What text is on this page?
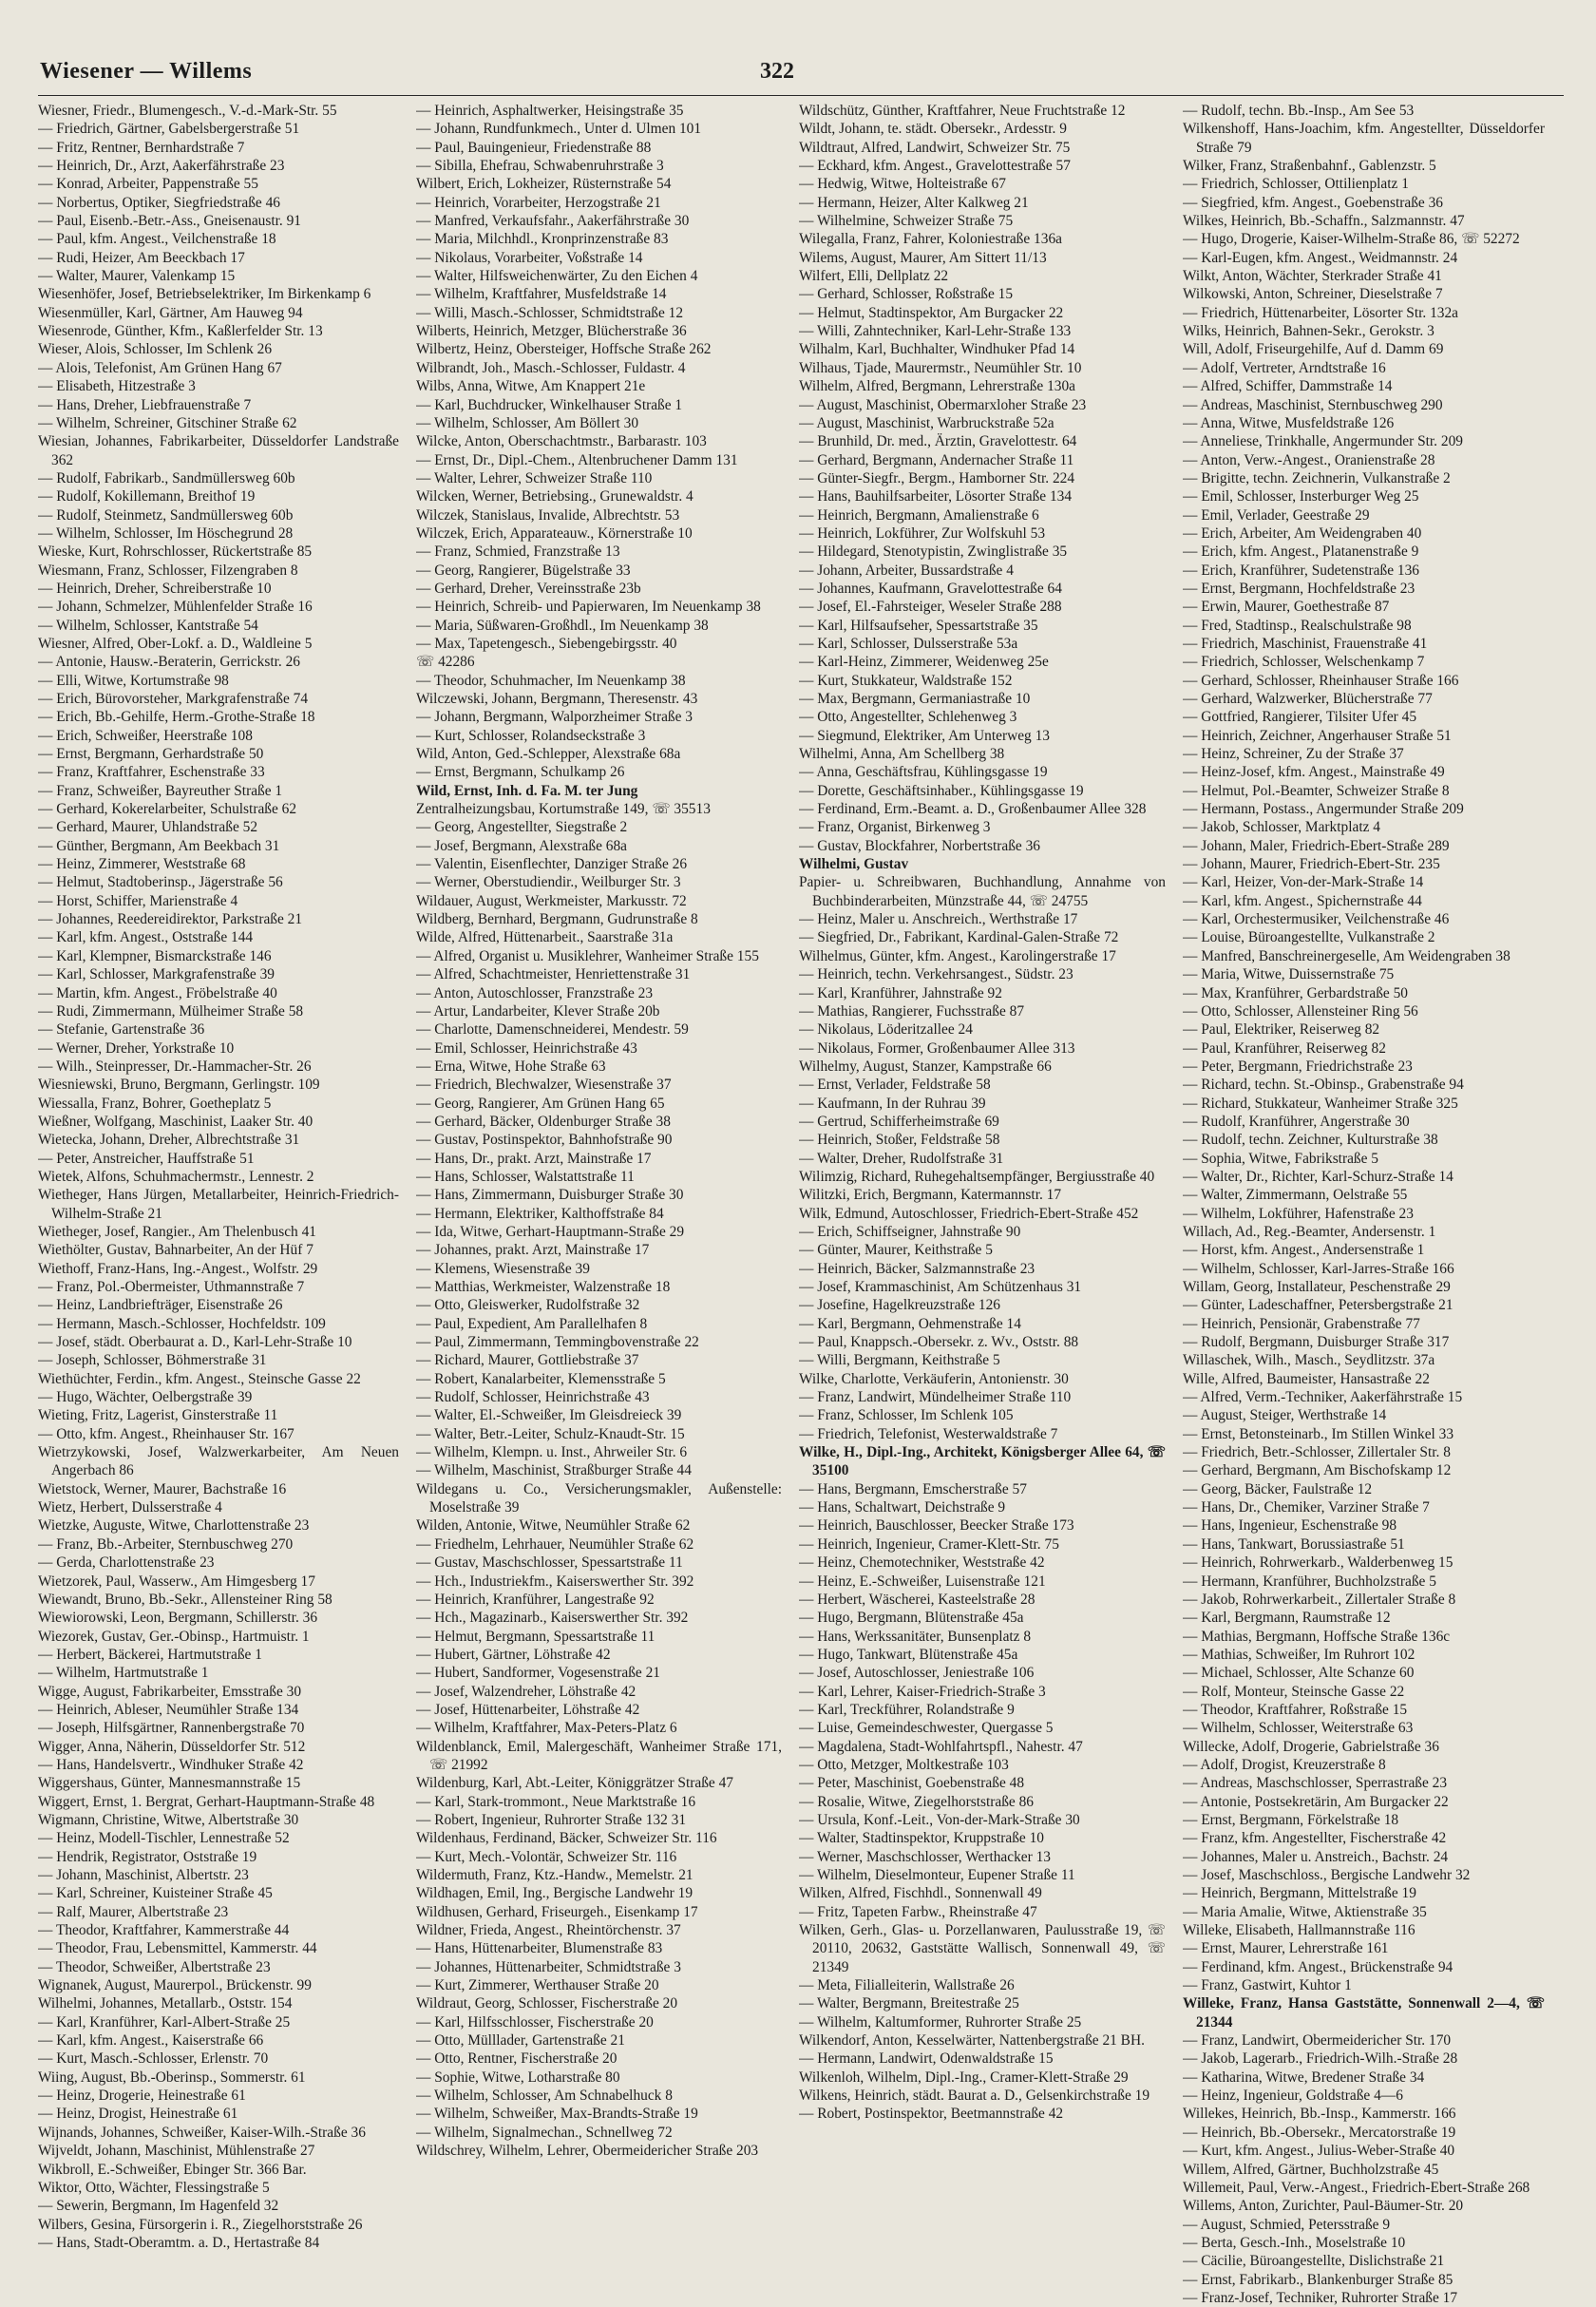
Wiesener — Willems	322

Wiesner, Friedr., Blumengesch., V.-d.-Mark-Str. 55

— Friedrich, Gärtner, Gabelsbergerstraße 51

— Fritz, Rentner, Bernhardstraße 7

— Heinrich, Dr., Arzt, Aakerfährstraße 23

— Konrad, Arbeiter, Pappenstraße 55

— Norbertus, Optiker, Siegfriedstraße 46

— Paul, Eisenb.-Betr.-Ass., Gneisenaustr. 91

— Paul, kfm. Angest., Veilchenstraße 18

— Rudi, Heizer, Am Beeckbach 17

— Walter, Maurer, Valenkamp 15

Wiesenhöfer, Josef, Betriebselektriker, Im Birkenkamp 6

Wiesenmüller, Karl, Gärtner, Am Hauweg 94

Wiesenrode, Günther, Kfm., Kaßlerfelder Str. 13

Wieser, Alois, Schlosser, Im Schlenk 26

— Alois, Telefonist, Am Grünen Hang 67

— Elisabeth, Hitzestraße 3

— Hans, Dreher, Liebfrauenstraße 7

— Wilhelm, Schreiner, Gitschiner Straße 62

Wiesian, Johannes, Fabrikarbeiter, Düsseldorfer Landstraße 362

— Rudolf, Fabrikarb., Sandmüllersweg 60b

— Rudolf, Kokillemann, Breithof 19

— Rudolf, Steinmetz, Sandmüllersweg 60b

— Wilhelm, Schlosser, Im Höschegrund 28

Wieske, Kurt, Rohrschlosser, Rückertstraße 85

Wiesmann, Franz, Schlosser, Filzengraben 8

— Heinrich, Dreher, Schreiberstraße 10

— Johann, Schmelzer, Mühlenfelder Straße 16

— Wilhelm, Schlosser, Kantstraße 54

Wiesner, Alfred, Ober-Lokf. a. D., Waldleine 5

— Antonie, Hausw.-Beraterin, Gerrickstr. 26

— Elli, Witwe, Kortumstraße 98

— Erich, Bürovorsteher, Markgrafenstraße 74

— Erich, Bb.-Gehilfe, Herm.-Grothe-Straße 18

— Erich, Schweißer, Heerstraße 108

— Ernst, Bergmann, Gerhardstraße 50

— Franz, Kraftfahrer, Eschenstraße 33

— Franz, Schweißer, Bayreuther Straße 1

— Gerhard, Kokerelarbeiter, Schulstraße 62

— Gerhard, Maurer, Uhlandstraße 52

— Günther, Bergmann, Am Beekbach 31

— Heinz, Zimmerer, Weststraße 68

— Helmut, Stadtoberinsp., Jägerstraße 56

— Horst, Schiffer, Marienstraße 4

— Johannes, Reedereidirektor, Parkstraße 21

— Karl, kfm. Angest., Oststraße 144

— Karl, Klempner, Bismarckstraße 146

— Karl, Schlosser, Markgrafenstraße 39

— Martin, kfm. Angest., Fröbelstraße 40

— Rudi, Zimmermann, Mülheimer Straße 58

— Stefanie, Gartenstraße 36

— Werner, Dreher, Yorkstraße 10

— Wilh., Steinpresser, Dr.-Hammacher-Str. 26

Wiesniewski, Bruno, Bergmann, Gerlingstr. 109

Wiessalla, Franz, Bohrer, Goetheplatz 5

Wießner, Wolfgang, Maschinist, Laaker Str. 40

Wietecka, Johann, Dreher, Albrechtstraße 31

— Peter, Anstreicher, Hauffstraße 51

Wietek, Alfons, Schuhmachermstr., Lennestr. 2

Wietheger, Hans Jürgen, Metallarbeiter, Heinrich-Friedrich-Wilhelm-Straße 21

Wietheger, Josef, Rangier., Am Thelenbusch 41

Wiethölter, Gustav, Bahnarbeiter, An der Hüf 7

Wiethoff, Franz-Hans, Ing.-Angest., Wolfstr. 29

— Franz, Pol.-Obermeister, Uthmannstraße 7

— Heinz, Landbriefträger, Eisenstraße 26

— Hermann, Masch.-Schlosser, Hochfeldstr. 109

— Josef, städt. Oberbaurat a. D., Karl-Lehr-Straße 10

— Joseph, Schlosser, Böhmerstraße 31

Wiethüchter, Ferdin., kfm. Angest., Steinsche Gasse 22

— Hugo, Wächter, Oelbergstraße 39

Wieting, Fritz, Lagerist, Ginsterstraße 11

— Otto, kfm. Angest., Rheinhauser Str. 167

Wietrzykowski, Josef, Walzwerkarbeiter, Am Neuen Angerbach 86

Wietstock, Werner, Maurer, Bachstraße 16

Wietz, Herbert, Dulsserstraße 4

Wietzke, Auguste, Witwe, Charlottenstraße 23

— Franz, Bb.-Arbeiter, Sternbuschweg 270

— Gerda, Charlottenstraße 23

Wietzorek, Paul, Wasserw., Am Himgesberg 17

Wiewandt, Bruno, Bb.-Sekr., Allensteiner Ring 58

Wiewiorowski, Leon, Bergmann, Schillerstr. 36

Wiezorek, Gustav, Ger.-Obinsp., Hartmuistr. 1

— Herbert, Bäckerei, Hartmutstraße 1

— Wilhelm, Hartmutstraße 1

Wigge, August, Fabrikarbeiter, Emsstraße 30

— Heinrich, Ableser, Neumühler Straße 134

— Joseph, Hilfsgärtner, Rannenbergstraße 70

Wigger, Anna, Näherin, Düsseldorfer Str. 512

— Hans, Handelsvertr., Windhuker Straße 42

Wiggershaus, Günter, Mannesmannstraße 15

Wiggert, Ernst, 1. Bergrat, Gerhart-Hauptmann-Straße 48

Wigmann, Christine, Witwe, Albertstraße 30

— Heinz, Modell-Tischler, Lennestraße 52

— Hendrik, Registrator, Oststraße 19

— Johann, Maschinist, Albertstr. 23

— Karl, Schreiner, Kuisteiner Straße 45

— Ralf, Maurer, Albertstraße 23

— Theodor, Kraftfahrer, Kammerstraße 44

— Theodor, Frau, Lebensmittel, Kammerstr. 44

— Theodor, Schweißer, Albertstraße 23

Wignanek, August, Maurerpol., Brückenstr. 99

Wilhelmi, Johannes, Metallarb., Oststr. 154

— Karl, Kranführer, Karl-Albert-Straße 25

— Karl, kfm. Angest., Kaiserstraße 66

— Kurt, Masch.-Schlosser, Erlenstr. 70

Wiing, August, Bb.-Oberinsp., Sommerstr. 61

— Heinz, Drogerie, Heinestraße 61

— Heinz, Drogist, Heinestraße 61

Wijnands, Johannes, Schweißer, Kaiser-Wilh.-Straße 36

Wijveldt, Johann, Maschinist, Mühlenstraße 27

Wikbroll, E.-Schweißer, Ebinger Str. 366 Bar.

Wiktor, Otto, Wächter, Flessingstraße 5

— Sewerin, Bergmann, Im Hagenfeld 32

Wilbers, Gesina, Fürsorgerin i. R., Ziegelhorststraße 26

— Hans, Stadt-Oberamtm. a. D., Hertastraße 84

— Heinrich, Asphaltwerker, Heisingstraße 35

— Johann, Rundfunkmech., Unter d. Ulmen 101

— Paul, Bauingenieur, Friedenstraße 88

— Sibilla, Ehefrau, Schwabenruhrstraße 3

Wilbert, Erich, Lokheizer, Rüsternstraße 54

— Heinrich, Vorarbeiter, Herzogstraße 21

— Manfred, Verkaufsfahr., Aakerfährstraße 30

— Maria, Milchhdl., Kronprinzenstraße 83

— Nikolaus, Vorarbeiter, Voßstraße 14

— Walter, Hilfsweichenwärter, Zu den Eichen 4

— Wilhelm, Kraftfahrer, Musfeldstraße 14

— Willi, Masch.-Schlosser, Schmidtstraße 12

Wilberts, Heinrich, Metzger, Blücherstraße 36

Wilbertz, Heinz, Obersteiger, Hoffsche Straße 262

Wilbrandt, Joh., Masch.-Schlosser, Fuldastr. 4

Wilbs, Anna, Witwe, Am Knappert 21e

— Karl, Buchdrucker, Winkelhauser Straße 1

— Wilhelm, Schlosser, Am Böllert 30

Wilcke, Anton, Oberschachtmstr., Barbarastr. 103

— Ernst, Dr., Dipl.-Chem., Altenbruchener Damm 131

— Walter, Lehrer, Schweizer Straße 110

Wilcken, Werner, Betriebsing., Grunewaldstr. 4

Wilczek, Stanislaus, Invalide, Albrechtstr. 53

Wilczek, Erich, Apparateauw., Körnerstraße 10

— Franz, Schmied, Franzstraße 13

— Georg, Rangierer, Bügelstraße 33

— Gerhard, Dreher, Vereinsstraße 23b

— Heinrich, Schreib- und Papierwaren, Im Neuenkamp 38

— Maria, Süßwaren-Großhdl., Im Neuenkamp 38

— Max, Tapetengesch., Siebengebirgsstr. 40

☏ 42286

— Theodor, Schuhmacher, Im Neuenkamp 38

Wilczewski, Johann, Bergmann, Theresenstr. 43

— Johann, Bergmann, Walporzheimer Straße 3

— Kurt, Schlosser, Rolandseckstraße 3

Wild, Anton, Ged.-Schlepper, Alexstraße 68a

— Ernst, Bergmann, Schulkamp 26

Wild, Ernst, Inh. d. Fa. M. ter Jung

Zentralheizungsbau, Kortumstraße 149, ☏ 35513

— Georg, Angestellter, Siegstraße 2

— Josef, Bergmann, Alexstraße 68a

— Valentin, Eisenflechter, Danziger Straße 26

— Werner, Oberstudiendir., Weilburger Str. 3

Wildauer, August, Werkmeister, Markusstr. 72

Wildberg, Bernhard, Bergmann, Gudrunstraße 8

Wilde, Alfred, Hüttenarbeit., Saarstraße 31a

— Alfred, Organist u. Musiklehrer, Wanheimer Straße 155

— Alfred, Schachtmeister, Henriettenstraße 31

— Anton, Autoschlosser, Franzstraße 23

— Artur, Landarbeiter, Klever Straße 20b

— Charlotte, Damenschneiderei, Mendestr. 59

— Emil, Schlosser, Heinrichstraße 43

— Erna, Witwe, Hohe Straße 63

— Friedrich, Blechwalzer, Wiesenstraße 37

— Georg, Rangierer, Am Grünen Hang 65

— Gerhard, Bäcker, Oldenburger Straße 38

— Gustav, Postinspektor, Bahnhofstraße 90

— Hans, Dr., prakt. Arzt, Mainstraße 17

— Hans, Schlosser, Walstattstraße 11

— Hans, Zimmermann, Duisburger Straße 30

— Hermann, Elektriker, Kalthoffstraße 84

— Ida, Witwe, Gerhart-Hauptmann-Straße 29

— Johannes, prakt. Arzt, Mainstraße 17

— Klemens, Wiesenstraße 39

— Matthias, Werkmeister, Walzenstraße 18

— Otto, Gleiswerker, Rudolfstraße 32

— Paul, Expedient, Am Parallelhafen 8

— Paul, Zimmermann, Temmingbovenstraße 22

— Richard, Maurer, Gottliebstraße 37

— Robert, Kanalarbeiter, Klemensstraße 5

— Rudolf, Schlosser, Heinrichstraße 43

— Walter, El.-Schweißer, Im Gleisdreieck 39

— Walter, Betr.-Leiter, Schulz-Knaudt-Str. 15

— Wilhelm, Klempn. u. Inst., Ahrweiler Str. 6

— Wilhelm, Maschinist, Straßburger Straße 44

Wildegans u. Co., Versicherungsmakler, Außenstelle: Moselstraße 39

Wilden, Antonie, Witwe, Neumühler Straße 62

— Friedhelm, Lehrhauer, Neumühler Straße 62

— Gustav, Maschschlosser, Spessartstraße 11

— Hch., Industriekfm., Kaiserswerther Str. 392

— Heinrich, Kranführer, Langestraße 92

— Hch., Magazinarb., Kaiserswerther Str. 392

— Helmut, Bergmann, Spessartstraße 11

— Hubert, Gärtner, Löhstraße 42

— Hubert, Sandformer, Vogesenstraße 21

— Josef, Walzendreher, Löhstraße 42

— Josef, Hüttenarbeiter, Löhstraße 42

— Wilhelm, Kraftfahrer, Max-Peters-Platz 6

Wildenblanck, Emil, Malergeschäft, Wanheimer Straße 171, ☏ 21992

Wildenburg, Karl, Abt.-Leiter, Königgrätzer Straße 47

— Karl, Stark-trommont., Neue Marktstraße 16

— Robert, Ingenieur, Ruhrorter Straße 132 31

Wildenhaus, Ferdinand, Bäcker, Schweizer Str. 116

— Kurt, Mech.-Volontär, Schweizer Str. 116

Wildermuth, Franz, Ktz.-Handw., Memelstr. 21

Wildhagen, Emil, Ing., Bergische Landwehr 19

Wildhusen, Gerhard, Friseurgeh., Eisenkamp 17

Wildner, Frieda, Angest., Rheintörchenstr. 37

— Hans, Hüttenarbeiter, Blumenstraße 83

— Johannes, Hüttenarbeiter, Schmidtstraße 3

— Kurt, Zimmerer, Werthauser Straße 20

Wildraut, Georg, Schlosser, Fischerstraße 20

— Karl, Hilfsschlosser, Fischerstraße 20

— Otto, Mülllader, Gartenstraße 21

— Otto, Rentner, Fischerstraße 20

— Sophie, Witwe, Lotharstraße 80

— Wilhelm, Schlosser, Am Schnabelhuck 8

— Wilhelm, Schweißer, Max-Brandts-Straße 19

— Wilhelm, Signalmechan., Schnellweg 72

Wildschrey, Wilhelm, Lehrer, Obermeidericher Straße 203

Wildschütz, Günther, Kraftfahrer, Neue Fruchtstraße 12

Wildt, Johann, te. städt. Obersekr., Ardesstr. 9

Wildtraut, Alfred, Landwirt, Schweizer Str. 75

— Eckhard, kfm. Angest., Gravelottestraße 57

— Hedwig, Witwe, Holteistraße 67

— Hermann, Heizer, Alter Kalkweg 21

— Wilhelmine, Schweizer Straße 75

Wilegalla, Franz, Fahrer, Koloniestraße 136a

Wilems, August, Maurer, Am Sittert 11/13

Wilfert, Elli, Dellplatz 22

— Gerhard, Schlosser, Roßstraße 15

— Helmut, Stadtinspektor, Am Burgacker 22

— Willi, Zahntechniker, Karl-Lehr-Straße 133

Wilhalm, Karl, Buchhalter, Windhuker Pfad 14

Wilhaus, Tjade, Maurermstr., Neumühler Str. 10

Wilhelm, Alfred, Bergmann, Lehrerstraße 130a

— August, Maschinist, Obermarxloher Straße 23

— August, Maschinist, Warbruckstraße 52a

— Brunhild, Dr. med., Ärztin, Gravelottestr. 64

— Gerhard, Bergmann, Andernacher Straße 11

— Günter-Siegfr., Bergm., Hamborner Str. 224

— Hans, Bauhilfsarbeiter, Lösorter Straße 134

— Heinrich, Bergmann, Amalienstraße 6

— Heinrich, Lokführer, Zur Wolfskuhl 53

— Hildegard, Stenotypistin, Zwinglistraße 35

— Johann, Arbeiter, Bussardstraße 4

— Johannes, Kaufmann, Gravelottestraße 64

— Josef, El.-Fahrsteiger, Weseler Straße 288

— Karl, Hilfsaufseher, Spessartstraße 35

— Karl, Schlosser, Dulsserstraße 53a

— Karl-Heinz, Zimmerer, Weidenweg 25e

— Kurt, Stukkateur, Waldstraße 152

— Max, Bergmann, Germaniastraße 10

— Otto, Angestellter, Schlehenweg 3

— Siegmund, Elektriker, Am Unterweg 13

Wilhelmi, Anna, Am Schellberg 38

— Anna, Geschäftsfrau, Kühlingsgasse 19

— Dorette, Geschäftsinhaber., Kühlingsgasse 19

— Ferdinand, Erm.-Beamt. a. D., Großenbaumer Allee 328

— Franz, Organist, Birkenweg 3

— Gustav, Blockfahrer, Norbertstraße 36

Wilhelmi, Gustav

Papier- u. Schreibwaren, Buchhandlung, Annahme von Buchbinderarbeiten, Münzstraße 44, ☏ 24755

— Heinz, Maler u. Anschreich., Werthstraße 17

— Siegfried, Dr., Fabrikant, Kardinal-Galen-Straße 72

Wilhelmus, Günter, kfm. Angest., Karolingerstraße 17

— Heinrich, techn. Verkehrsangest., Südstr. 23

— Karl, Kranführer, Jahnstraße 92

— Mathias, Rangierer, Fuchsstraße 87

— Nikolaus, Löderitzallee 24

— Nikolaus, Former, Großenbaumer Allee 313

Wilhelmy, August, Stanzer, Kampstraße 66

— Ernst, Verlader, Feldstraße 58

— Kaufmann, In der Ruhrau 39

— Gertrud, Schifferheimstraße 69

— Heinrich, Stoßer, Feldstraße 58

— Walter, Dreher, Rudolfstraße 31

Wilimzig, Richard, Ruhegehaltsempfänger, Bergiusstraße 40

Wilitzki, Erich, Bergmann, Katermannstr. 17

Wilk, Edmund, Autoschlosser, Friedrich-Ebert-Straße 452

— Erich, Schiffseigner, Jahnstraße 90

— Günter, Maurer, Keithstraße 5

— Heinrich, Bäcker, Salzmannstraße 23

— Josef, Krammaschinist, Am Schützenhaus 31

— Josefine, Hagelkreuzstraße 126

— Karl, Bergmann, Oehmenstraße 14

— Paul, Knappsch.-Obersekr. z. Wv., Oststr. 88

— Willi, Bergmann, Keithstraße 5

Wilke, Charlotte, Verkäuferin, Antonienstr. 30

— Franz, Landwirt, Mündelheimer Straße 110

— Franz, Schlosser, Im Schlenk 105

— Friedrich, Telefonist, Westerwaldstraße 7

Wilke, H., Dipl.-Ing., Architekt, Königsberger Allee 64, ☏ 35100

— Hans, Bergmann, Emscherstraße 57

— Hans, Schaltwart, Deichstraße 9

— Heinrich, Bauschlosser, Beecker Straße 173

— Heinrich, Ingenieur, Cramer-Klett-Str. 75

— Heinz, Chemotechniker, Weststraße 42

— Heinz, E.-Schweißer, Luisenstraße 121

— Herbert, Wäscherei, Kasteelstraße 28

— Hugo, Bergmann, Blütenstraße 45a

— Hans, Werkssanitäter, Bunsenplatz 8

— Hugo, Tankwart, Blütenstraße 45a

— Josef, Autoschlosser, Jeniestraße 106

— Karl, Lehrer, Kaiser-Friedrich-Straße 3

— Karl, Treckführer, Rolandstraße 9

— Luise, Gemeindeschwester, Quergasse 5

— Magdalena, Stadt-Wohlfahrtspfl., Nahestr. 47

— Otto, Metzger, Moltkestraße 103

— Peter, Maschinist, Goebenstraße 48

— Rosalie, Witwe, Ziegelhorststraße 86

— Ursula, Konf.-Leit., Von-der-Mark-Straße 30

— Walter, Stadtinspektor, Kruppstraße 10

— Werner, Maschschlosser, Werthacker 13

— Wilhelm, Dieselmonteur, Eupener Straße 11

Wilken, Alfred, Fischhdl., Sonnenwall 49

— Fritz, Tapeten Farbw., Rheinstraße 47

Wilken, Gerh., Glas- u. Porzellanwaren, Paulusstraße 19, ☏ 20110, 20632, Gaststätte Wallisch, Sonnenwall 49, ☏ 21349

— Meta, Filialleiterin, Wallstraße 26

— Walter, Bergmann, Breitestraße 25

— Wilhelm, Kaltumformer, Ruhrorter Straße 25

Wilkendorf, Anton, Kesselwärter, Nattenbergstraße 21 BH.

— Hermann, Landwirt, Odenwaldstraße 15

Wilkenloh, Wilhelm, Dipl.-Ing., Cramer-Klett-Straße 29

Wilkens, Heinrich, städt. Baurat a. D., Gelsenkirchstraße 19

— Robert, Postinspektor, Beetmannstraße 42

— Rudolf, techn. Bb.-Insp., Am See 53

Wilkenshoff, Hans-Joachim, kfm. Angestellter, Düsseldorfer Straße 79

Wilker, Franz, Straßenbahnf., Gablenzstr. 5

— Friedrich, Schlosser, Ottilienplatz 1

— Siegfried, kfm. Angest., Goebenstraße 36

Wilkes, Heinrich, Bb.-Schaffn., Salzmannstr. 47

— Hugo, Drogerie, Kaiser-Wilhelm-Straße 86, ☏ 52272

— Karl-Eugen, kfm. Angest., Weidmannstr. 24

Wilkt, Anton, Wächter, Sterkrader Straße 41

Wilkowski, Anton, Schreiner, Dieselstraße 7

— Friedrich, Hüttenarbeiter, Lösorter Str. 132a

Wilks, Heinrich, Bahnen-Sekr., Gerokstr. 3

Will, Adolf, Friseurgehilfe, Auf d. Damm 69

— Adolf, Vertreter, Arndtstraße 16

— Alfred, Schiffer, Dammstraße 14

— Andreas, Maschinist, Sternbuschweg 290

— Anna, Witwe, Musfeldstraße 126

— Anneliese, Trinkhalle, Angermunder Str. 209

— Anton, Verw.-Angest., Oranienstraße 28

— Brigitte, techn. Zeichnerin, Vulkanstraße 2

— Emil, Schlosser, Insterburger Weg 25

— Emil, Verlader, Geestraße 29

— Erich, Arbeiter, Am Weidengraben 40

— Erich, kfm. Angest., Platanenstraße 9

— Erich, Kranführer, Sudetenstraße 136

— Ernst, Bergmann, Hochfeldstraße 23

— Erwin, Maurer, Goethestraße 87

— Fred, Stadtinsp., Realschulstraße 98

— Friedrich, Maschinist, Frauenstraße 41

— Friedrich, Schlosser, Welschenkamp 7

— Gerhard, Schlosser, Rheinhauser Straße 166

— Gerhard, Walzwerker, Blücherstraße 77

— Gottfried, Rangierer, Tilsiter Ufer 45

— Heinrich, Zeichner, Angerhauser Straße 51

— Heinz, Schreiner, Zu der Straße 37

— Heinz-Josef, kfm. Angest., Mainstraße 49

— Helmut, Pol.-Beamter, Schweizer Straße 8

— Hermann, Postass., Angermunder Straße 209

— Jakob, Schlosser, Marktplatz 4

— Johann, Maler, Friedrich-Ebert-Straße 289

— Johann, Maurer, Friedrich-Ebert-Str. 235

— Karl, Heizer, Von-der-Mark-Straße 14

— Karl, kfm. Angest., Spichernstraße 44

— Karl, Orchestermusiker, Veilchenstraße 46

— Louise, Büroangestellte, Vulkanstraße 2

— Manfred, Banschreinergeselle, Am Weidengraben 38

— Maria, Witwe, Duissernstraße 75

— Max, Kranführer, Gerbardstraße 50

— Otto, Schlosser, Allensteiner Ring 56

— Paul, Elektriker, Reiserweg 82

— Paul, Kranführer, Reiserweg 82

— Peter, Bergmann, Friedrichstraße 23

— Richard, techn. St.-Obinsp., Grabenstraße 94

— Richard, Stukkateur, Wanheimer Straße 325

— Rudolf, Kranführer, Angerstraße 30

— Rudolf, techn. Zeichner, Kulturstraße 38

— Sophia, Witwe, Fabrikstraße 5

— Walter, Dr., Richter, Karl-Schurz-Straße 14

— Walter, Zimmermann, Oelstraße 55

— Wilhelm, Lokführer, Hafenstraße 23

Willach, Ad., Reg.-Beamter, Andersenstr. 1

— Horst, kfm. Angest., Andersenstraße 1

— Wilhelm, Schlosser, Karl-Jarres-Straße 166

Willam, Georg, Installateur, Peschenstraße 29

— Günter, Ladeschaffner, Petersbergstraße 21

— Heinrich, Pensionär, Grabenstraße 77

— Rudolf, Bergmann, Duisburger Straße 317

Willaschek, Wilh., Masch., Seydlitzstr. 37a

Wille, Alfred, Baumeister, Hansastraße 22

— Alfred, Verm.-Techniker, Aakerfährstraße 15

— August, Steiger, Werthstraße 14

— Ernst, Betonsteinarb., Im Stillen Winkel 33

— Friedrich, Betr.-Schlosser, Zillertaler Str. 8

— Gerhard, Bergmann, Am Bischofskamp 12

— Georg, Bäcker, Faulstraße 12

— Hans, Dr., Chemiker, Varziner Straße 7

— Hans, Ingenieur, Eschenstraße 98

— Hans, Tankwart, Borussiastraße 51

— Heinrich, Rohrwerkarb., Walderbenweg 15

— Hermann, Kranführer, Buchholzstraße 5

— Jakob, Rohrwerkarbeit., Zillertaler Straße 8

— Karl, Bergmann, Raumstraße 12

— Mathias, Bergmann, Hoffsche Straße 136c

— Mathias, Schweißer, Im Ruhrort 102

— Michael, Schlosser, Alte Schanze 60

— Rolf, Monteur, Steinsche Gasse 22

— Theodor, Kraftfahrer, Roßstraße 15

— Wilhelm, Schlosser, Weiterstraße 63

Willecke, Adolf, Drogerie, Gabrielstraße 36

— Adolf, Drogist, Kreuzerstraße 8

— Andreas, Maschschlosser, Sperrastraße 23

— Antonie, Postsekretärin, Am Burgacker 22

— Ernst, Bergmann, Förkelstraße 18

— Franz, kfm. Angestellter, Fischerstraße 42

— Johannes, Maler u. Anstreich., Bachstr. 24

— Josef, Maschschloss., Bergische Landwehr 32

— Heinrich, Bergmann, Mittelstraße 19

— Maria Amalie, Witwe, Aktienstraße 35

Willeke, Elisabeth, Hallmannstraße 116

— Ernst, Maurer, Lehrerstraße 161

— Ferdinand, kfm. Angest., Brückenstraße 94

— Franz, Gastwirt, Kuhtor 1

Willeke, Franz, Hansa Gaststätte, Sonnenwall 2—4, ☏ 21344

— Franz, Landwirt, Obermeidericher Str. 170

— Jakob, Lagerarb., Friedrich-Wilh.-Straße 28

— Katharina, Witwe, Bredener Straße 34

— Heinz, Ingenieur, Goldstraße 4—6

Willekes, Heinrich, Bb.-Insp., Kammerstr. 166

— Heinrich, Bb.-Obersekr., Mercatorstraße 19

— Kurt, kfm. Angest., Julius-Weber-Straße 40

Willem, Alfred, Gärtner, Buchholzstraße 45

Willemeit, Paul, Verw.-Angest., Friedrich-Ebert-Straße 268

Willems, Anton, Zurichter, Paul-Bäumer-Str. 20

— August, Schmied, Petersstraße 9

— Berta, Gesch.-Inh., Moselstraße 10

— Cäcilie, Büroangestellte, Dislichstraße 21

— Ernst, Fabrikarb., Blankenburger Straße 85

— Franz-Josef, Techniker, Ruhrorter Straße 17
